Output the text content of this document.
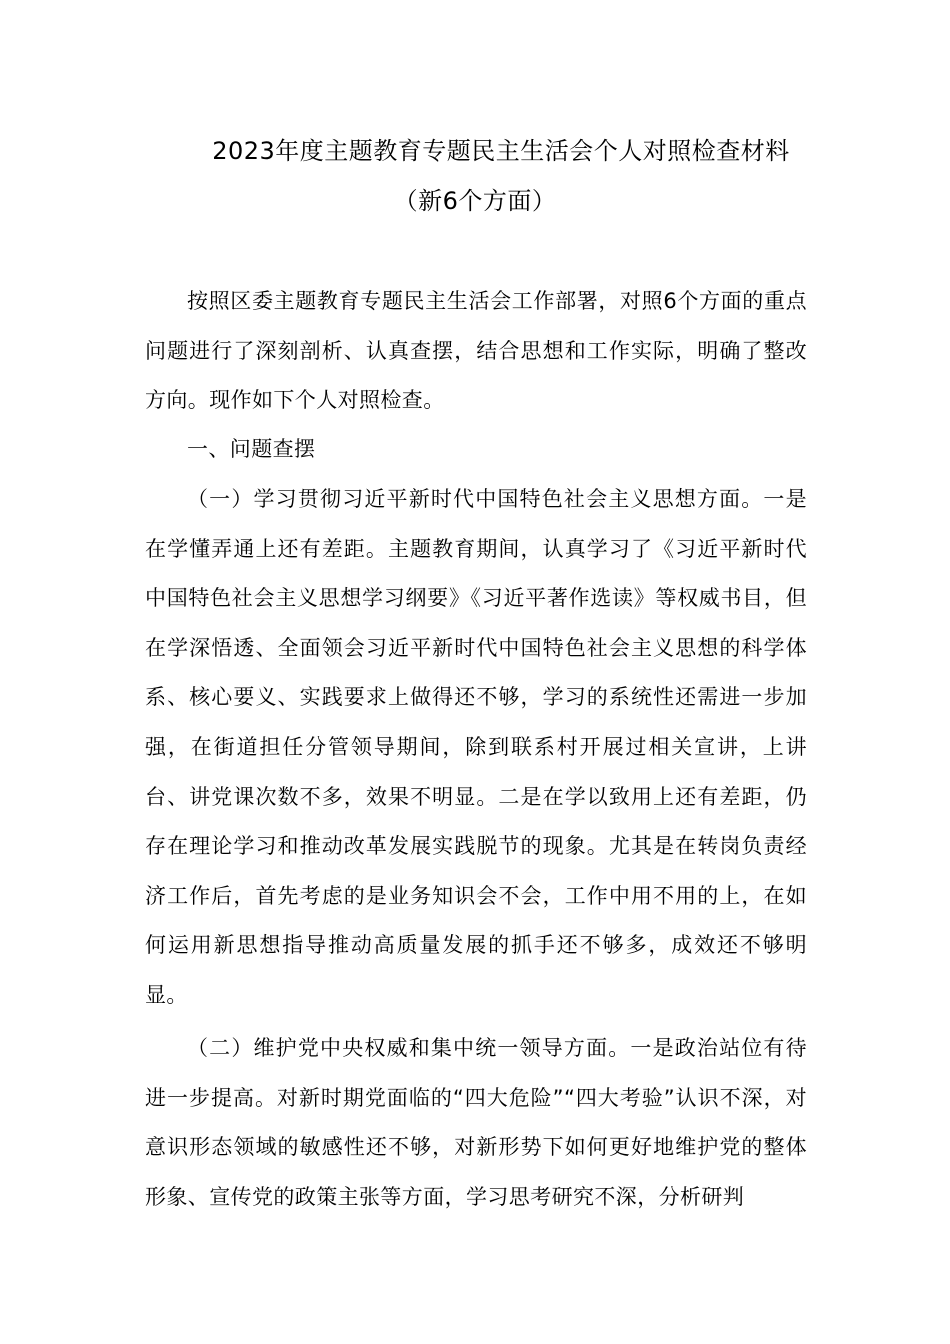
2023年度主题教育专题民主生活会个人对照检查材料
（新6个方面）

按照区委主题教育专题民主生活会工作部署，对照6个方面的重点问题进行了深刻剖析、认真查摆，结合思想和工作实际，明确了整改方向。现作如下个人对照检查。

一、问题查摆

（一）学习贯彻习近平新时代中国特色社会主义思想方面。一是在学懂弄通上还有差距。主题教育期间，认真学习了《习近平新时代中国特色社会主义思想学习纲要》《习近平著作选读》等权威书目，但在学深悟透、全面领会习近平新时代中国特色社会主义思想的科学体系、核心要义、实践要求上做得还不够，学习的系统性还需进一步加强，在街道担任分管领导期间，除到联系村开展过相关宣讲，上讲台、讲党课次数不多，效果不明显。二是在学以致用上还有差距，仍存在理论学习和推动改革发展实践脱节的现象。尤其是在转岗负责经济工作后，首先考虑的是业务知识会不会，工作中用不用的上，在如何运用新思想指导推动高质量发展的抓手还不够多，成效还不够明显。

（二）维护党中央权威和集中统一领导方面。一是政治站位有待进一步提高。对新时期党面临的“四大危险”“四大考验”认识不深，对意识形态领域的敏感性还不够，对新形势下如何更好地维护党的整体形象、宣传党的政策主张等方面，学习思考研究不深，分析研判
